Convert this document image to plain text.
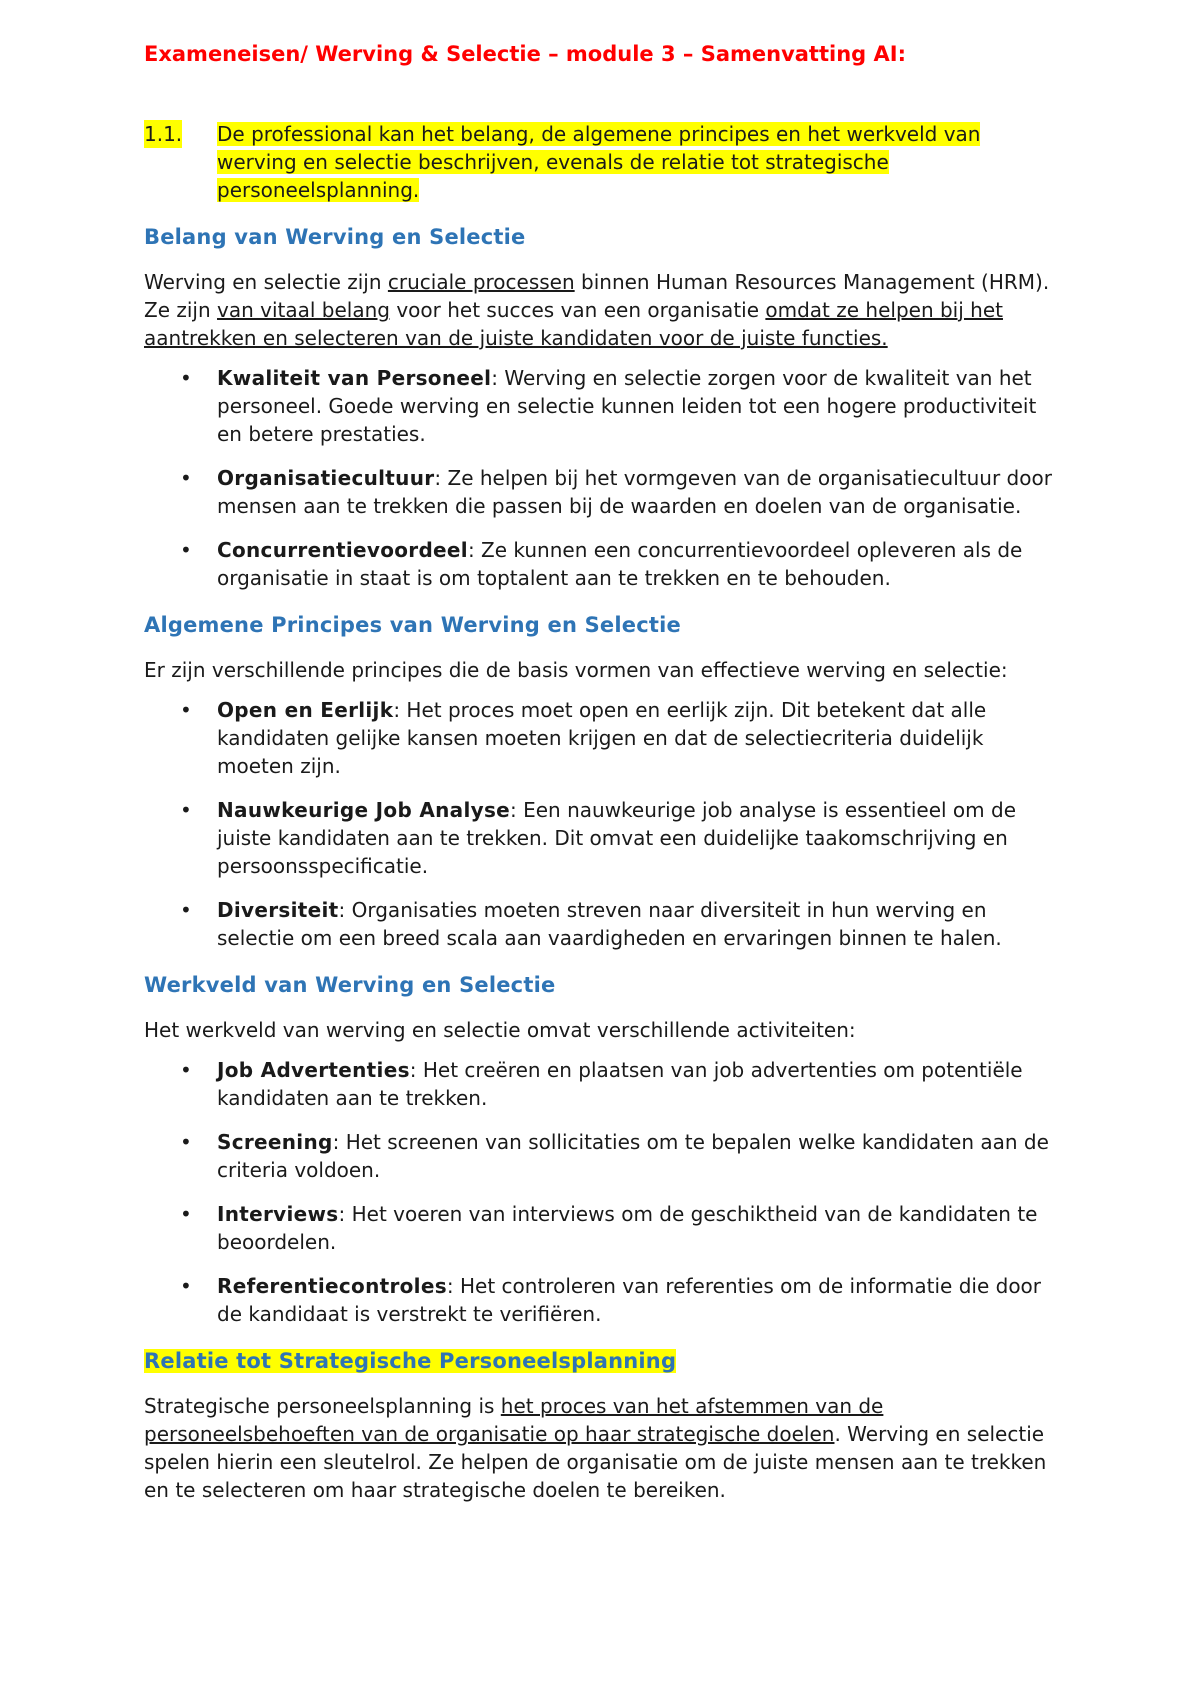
Exameneisen/ Werving & Selectie – module 3 – Samenvatting AI:
1.1. De professional kan het belang, de algemene principes en het werkveld van werving en selectie beschrijven, evenals de relatie tot strategische personeelsplanning.
Belang van Werving en Selectie

Werving en selectie zijn cruciale processen binnen Human Resources Management (HRM). Ze zijn van vitaal belang voor het succes van een organisatie omdat ze helpen bij het aantrekken en selecteren van de juiste kandidaten voor de juiste functies.

• Kwaliteit van Personeel: Werving en selectie zorgen voor de kwaliteit van het personeel. Goede werving en selectie kunnen leiden tot een hogere productiviteit en betere prestaties.
• Organisatiecultuur: Ze helpen bij het vormgeven van de organisatiecultuur door mensen aan te trekken die passen bij de waarden en doelen van de organisatie.
• Concurrentievoordeel: Ze kunnen een concurrentievoordeel opleveren als de organisatie in staat is om toptalent aan te trekken en te behouden.
Algemene Principes van Werving en Selectie

Er zijn verschillende principes die de basis vormen van effectieve werving en selectie:

• Open en Eerlijk: Het proces moet open en eerlijk zijn. Dit betekent dat alle kandidaten gelijke kansen moeten krijgen en dat de selectiecriteria duidelijk moeten zijn.
• Nauwkeurige Job Analyse: Een nauwkeurige job analyse is essentieel om de juiste kandidaten aan te trekken. Dit omvat een duidelijke taakomschrijving en persoonsspecificatie.
• Diversiteit: Organisaties moeten streven naar diversiteit in hun werving en selectie om een breed scala aan vaardigheden en ervaringen binnen te halen.
Werkveld van Werving en Selectie

Het werkveld van werving en selectie omvat verschillende activiteiten:

• Job Advertenties: Het creëren en plaatsen van job advertenties om potentiële kandidaten aan te trekken.
• Screening: Het screenen van sollicitaties om te bepalen welke kandidaten aan de criteria voldoen.
• Interviews: Het voeren van interviews om de geschiktheid van de kandidaten te beoordelen.
• Referentiecontroles: Het controleren van referenties om de informatie die door de kandidaat is verstrekt te verifiëren.
Relatie tot Strategische Personeelsplanning

Strategische personeelsplanning is het proces van het afstemmen van de personeelsbehoeften van de organisatie op haar strategische doelen. Werving en selectie spelen hierin een sleutelrol. Ze helpen de organisatie om de juiste mensen aan te trekken en te selecteren om haar strategische doelen te bereiken.
